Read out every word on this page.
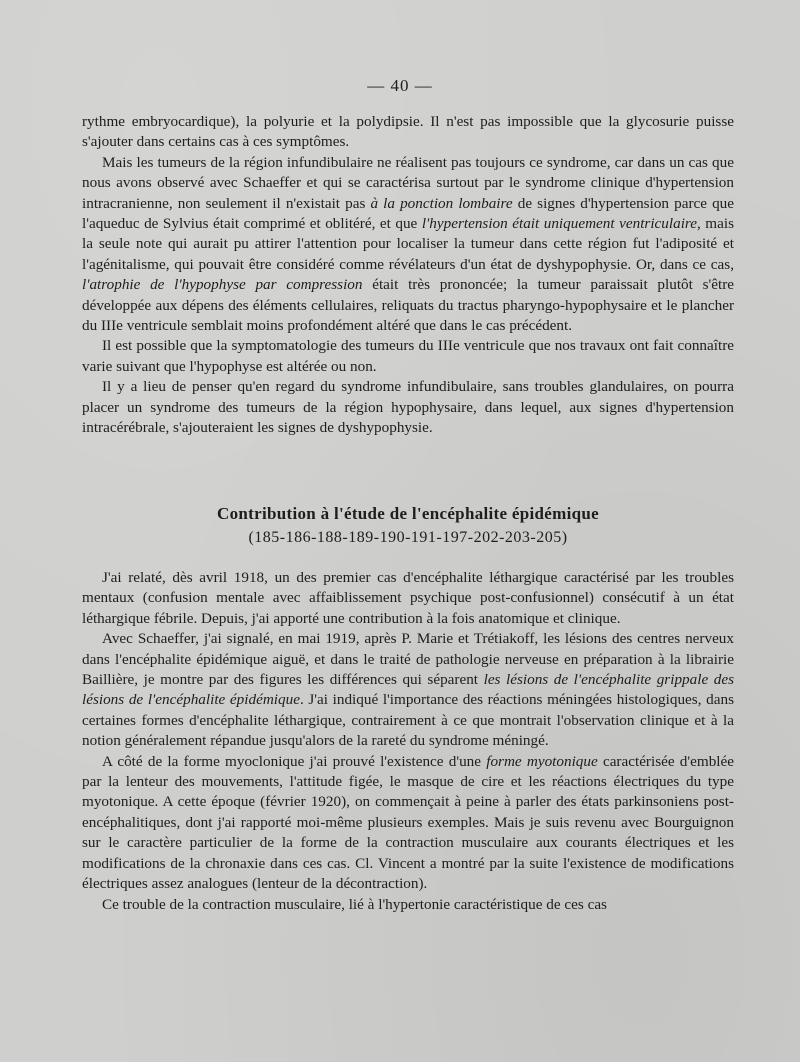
— 40 —

rythme embryocardique), la polyurie et la polydipsie. Il n'est pas impossible que la glycosurie puisse s'ajouter dans certains cas à ces symptômes.

Mais les tumeurs de la région infundibulaire ne réalisent pas toujours ce syndrome, car dans un cas que nous avons observé avec Schaeffer et qui se caractérisa surtout par le syndrome clinique d'hypertension intracranienne, non seulement il n'existait pas à la ponction lombaire de signes d'hypertension parce que l'aqueduc de Sylvius était comprimé et oblitéré, et que l'hypertension était uniquement ventriculaire, mais la seule note qui aurait pu attirer l'attention pour localiser la tumeur dans cette région fut l'adiposité et l'agénitalisme, qui pouvait être considéré comme révélateurs d'un état de dyshypophysie. Or, dans ce cas, l'atrophie de l'hypophyse par compression était très prononcée; la tumeur paraissait plutôt s'être développée aux dépens des éléments cellulaires, reliquats du tractus pharyngo-hypophysaire et le plancher du IIIe ventricule semblait moins profondément altéré que dans le cas précédent.

Il est possible que la symptomatologie des tumeurs du IIIe ventricule que nos travaux ont fait connaître varie suivant que l'hypophyse est altérée ou non.

Il y a lieu de penser qu'en regard du syndrome infundibulaire, sans troubles glandulaires, on pourra placer un syndrome des tumeurs de la région hypophysaire, dans lequel, aux signes d'hypertension intracérébrale, s'ajouteraient les signes de dyshypophysie.

Contribution à l'étude de l'encéphalite épidémique
(185-186-188-189-190-191-197-202-203-205)

J'ai relaté, dès avril 1918, un des premier cas d'encéphalite léthargique caractérisé par les troubles mentaux (confusion mentale avec affaiblissement psychique post-confusionnel) consécutif à un état léthargique fébrile. Depuis, j'ai apporté une contribution à la fois anatomique et clinique.

Avec Schaeffer, j'ai signalé, en mai 1919, après P. Marie et Trétiakoff, les lésions des centres nerveux dans l'encéphalite épidémique aiguë, et dans le traité de pathologie nerveuse en préparation à la librairie Baillière, je montre par des figures les différences qui séparent les lésions de l'encéphalite grippale des lésions de l'encéphalite épidémique. J'ai indiqué l'importance des réactions méningées histologiques, dans certaines formes d'encéphalite léthargique, contrairement à ce que montrait l'observation clinique et à la notion généralement répandue jusqu'alors de la rareté du syndrome méningé.

A côté de la forme myoclonique j'ai prouvé l'existence d'une forme myotonique caractérisée d'emblée par la lenteur des mouvements, l'attitude figée, le masque de cire et les réactions électriques du type myotonique. A cette époque (février 1920), on commençait à peine à parler des états parkinsoniens post-encéphalitiques, dont j'ai rapporté moi-même plusieurs exemples. Mais je suis revenu avec Bourguignon sur le caractère particulier de la forme de la contraction musculaire aux courants électriques et les modifications de la chronaxie dans ces cas. Cl. Vincent a montré par la suite l'existence de modifications électriques assez analogues (lenteur de la décontraction).

Ce trouble de la contraction musculaire, lié à l'hypertonie caractéristique de ces cas
